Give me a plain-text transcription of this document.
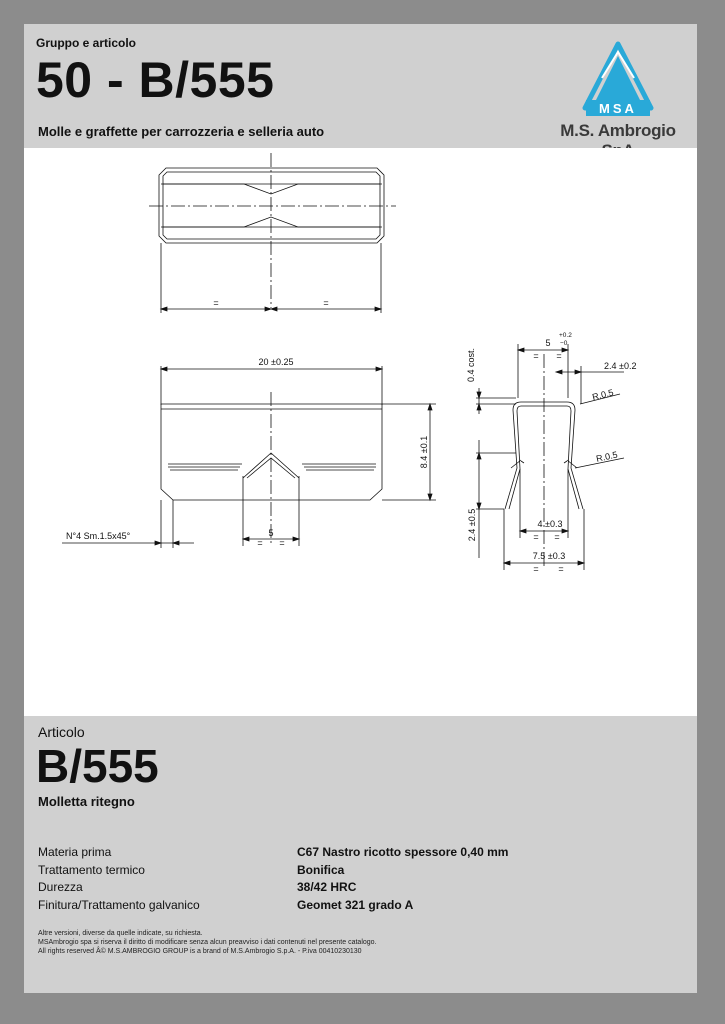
Gruppo e articolo
50 - B/555
Molle e graffette per carrozzeria e selleria auto
MSA
M.S. Ambrogio
=	=
20 ±0.25
8.4 ±0.1
5
= =
N°4 Sm.1.5x45°
0.4 cost.
5
+0.2
−0
= =
2.4 ±0.2
R.0.5
R.0.5
2.4 ±0.5	4 ±0.3
= =
7.5 ±0.3
= =
Articolo
B/555
Molletta ritegno
Materia prima	C67 Nastro ricotto spessore 0,40 mm
Trattamento termico	Bonifica
Durezza	38/42 HRC
Finitura/Trattamento galvanico	Geomet 321 grado A
Altre versioni, diverse da quelle indicate, su richiesta.
MSAmbrogio spa si riserva il diritto di modificare senza alcun preavviso i dati contenuti nel presente catalogo.
All rights reserved Â© M.S.AMBROGIO GROUP is a brand of M.S.Ambrogio S.p.A. - P.iva 00410230130
